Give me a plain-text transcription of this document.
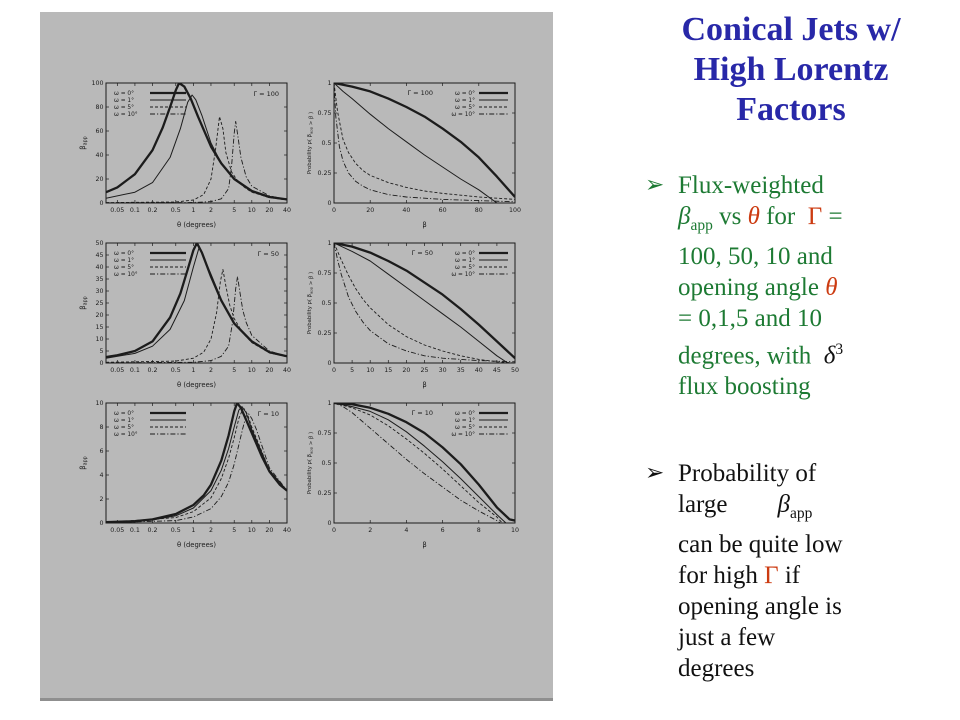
0.05 0.1 0.2 0.5 1 2	5 10 20 40
0
20
40
60
80
100
θ (degrees)
$\beta_{app}$
Γ = 100
ω = 0°
ω = 1°
ω = 5°
ω = 10°
0	20	40	60	80	100
0
0.25
0.5
0.75
1
β
Probability p( $\beta_{app} > \beta$ )
Γ = 100	ω = 0°
ω = 1°
ω = 5°
ω = 10°
0.05 0.1 0.2 0.5 1 2	5 10 20 40
0
5
10
15
20
25
30
35
40
45
50
θ (degrees)
$\beta_{app}$
Γ = 50
ω = 0°
ω = 1°
ω = 5°
ω = 10°
0 5 10 15 20 25 30 35 40 45 50
0
0.25
0.5
0.75
1
β
Probability p( $\beta_{app} > \beta$ )
Γ = 50	ω = 0°
ω = 1°
ω = 5°
ω = 10°
0.05 0.1 0.2 0.5 1 2	5 10 20 40
0
2
4
6
8
10
θ (degrees)
$\beta_{app}$
Γ = 10
ω = 0°
ω = 1°
ω = 5°
ω = 10°
0	2	4	6	8	10
0
0.25
0.5
0.75
1
β
Probability p( $\beta_{app} > \beta$ )
Γ = 10	ω = 0°
ω = 1°
ω = 5°
ω = 10°
Conical Jets w/
High Lorentz
Factors
➢ Flux-weighted
$\beta_{app}$ vs θ for  Γ =
100, 50, 10 and
opening angle θ
= 0,1,5 and 10
degrees, with  $\delta^3$
flux boosting
➢ Probability of
large        $\beta_{app}$
can be quite low
for high Γ if
opening angle is
just a few
degrees
